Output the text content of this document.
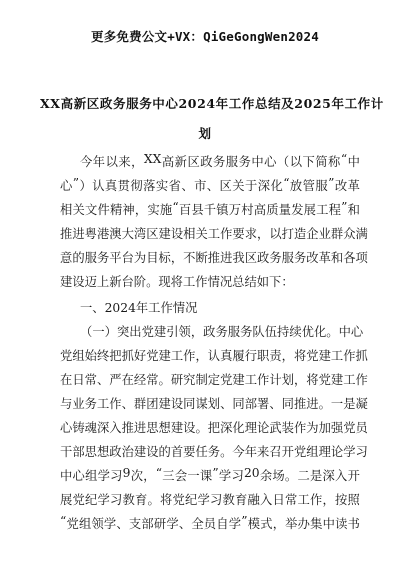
更多免费公文+VX：QiGeGongWen2024
XX高新区政务服务中心2024年工作总结及2025年工作计
划
今 年 以 来 ， XX 高 新 区 政 务 服 务 中 心 （ 以 下 简 称 “ 中
心 ” ） 认 真 贯 彻 落 实 省 、 市 、 区 关 于 深 化 “ 放 管 服 ” 改 革
相 关 文 件 精 神 ， 实 施 “ 百 县 千 镇 万 村 高 质 量 发 展 工 程 ” 和
推 进 粤 港 澳 大 湾 区 建 设 相 关 工 作 要 求 ， 以 打 造 企 业 群 众 满
意 的 服 务 平 台 为 目 标 ， 不 断 推 进 我 区 政 务 服 务 改 革 和 各 项
建设迈上新台阶。现将工作情况总结如下：
一、2024年工作情况
（ 一 ） 突 出 党 建 引 领 ， 政 务 服 务 队 伍 持 续 优 化 。 中 心
党 组 始 终 把 抓 好 党 建 工 作 ， 认 真 履 行 职 责 ， 将 党 建 工 作 抓
在 日 常 、 严 在 经 常 。 研 究 制 定 党 建 工 作 计 划 ， 将 党 建 工 作
与 业 务 工 作 、 群 团 建 设 同 谋 划 、 同 部 署 、 同 推 进 。 一 是 凝
心 铸 魂 深 入 推 进 思 想 建 设 。 把 深 化 理 论 武 装 作 为 加 强 党 员
干 部 思 想 政 治 建 设 的 首 要 任 务 。 今 年 来 召 开 党 组 理 论 学 习
中 心 组 学 习 9 次 ， “ 三 会 一 课 ” 学 习 20 余 场 。 二 是 深 入 开
展 党 纪 学 习 教 育 。 将 党 纪 学 习 教 育 融 入 日 常 工 作 ， 按 照
“ 党 组 领 学 、 支 部 研 学 、 全 员 自 学 ” 模 式 ， 举 办 集 中 读 书
